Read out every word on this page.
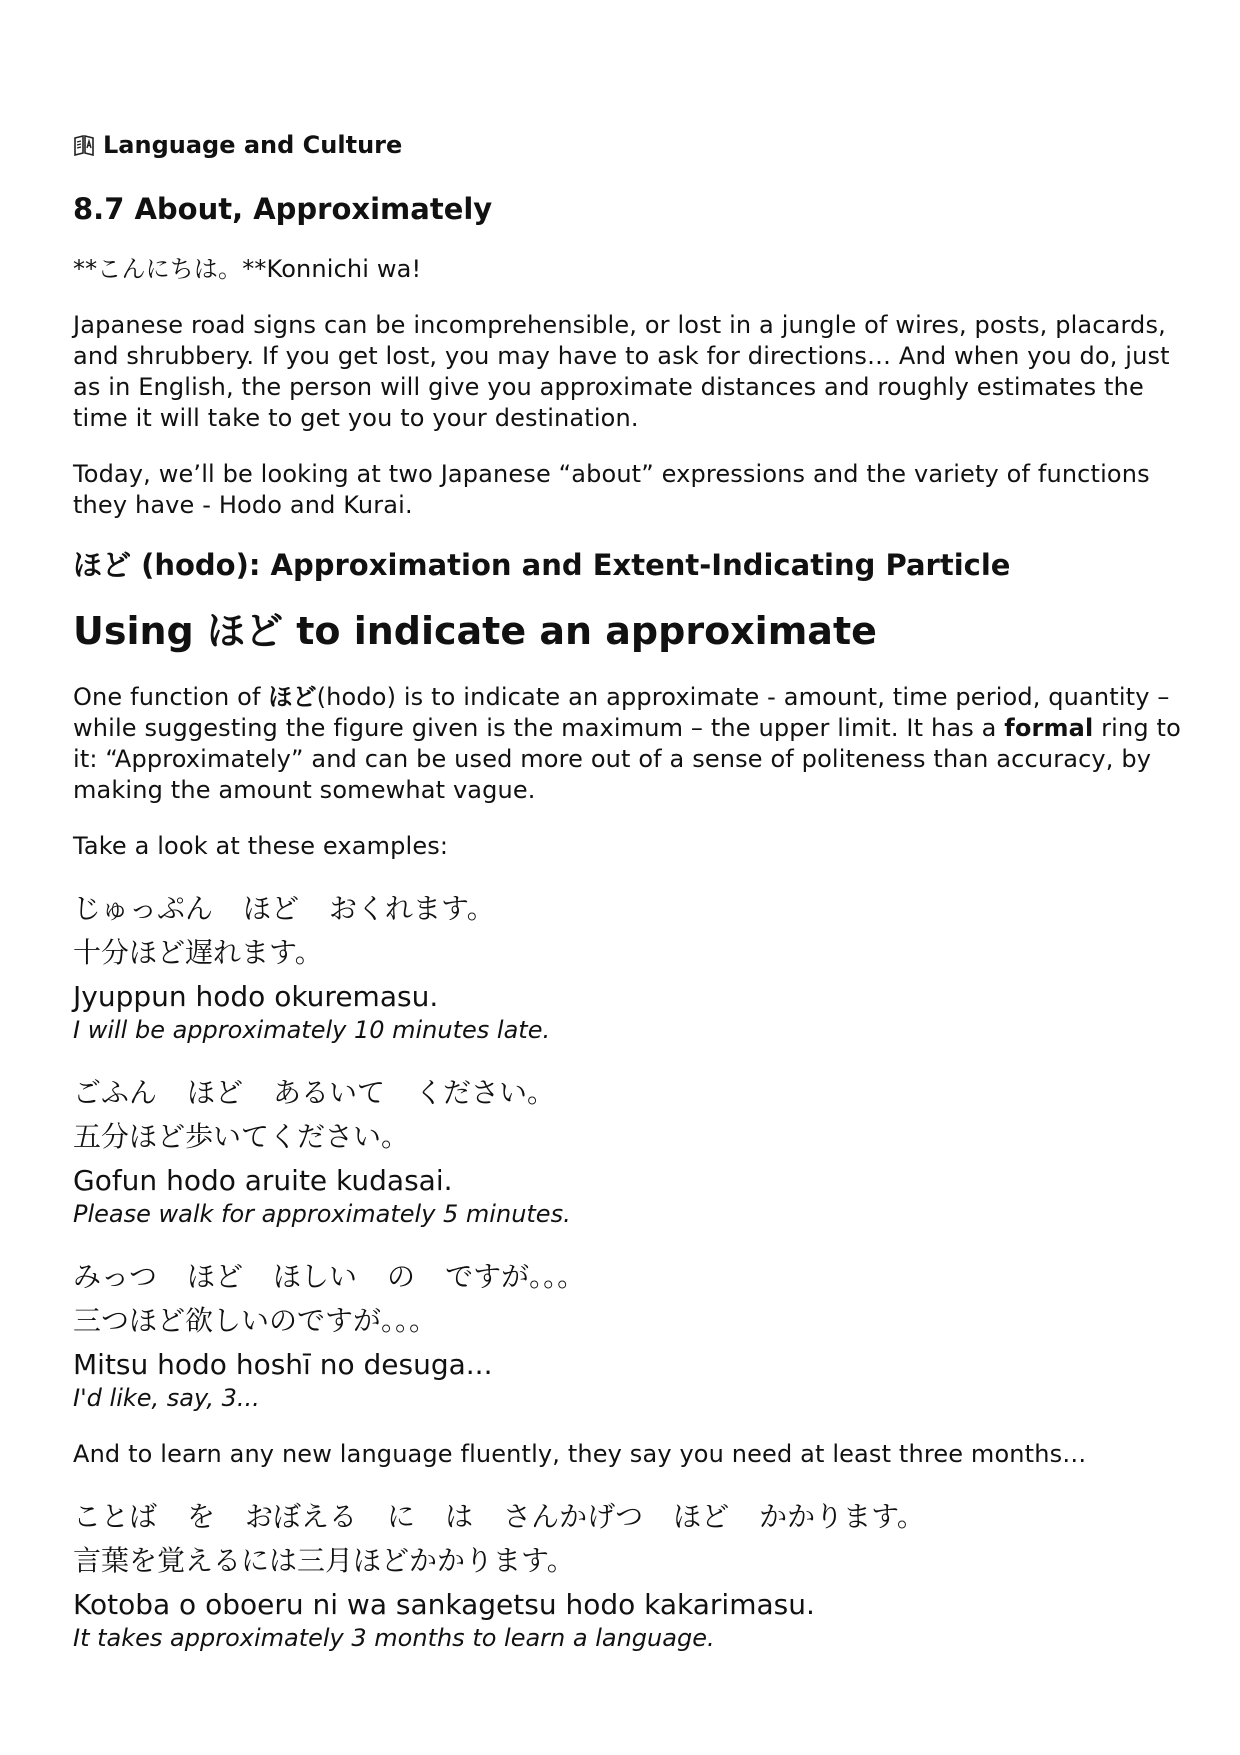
Language and Culture
8.7 About, Approximately

**こんにちは。**Konnichi wa!

Japanese road signs can be incomprehensible, or lost in a jungle of wires, posts, placards, and shrubbery. If you get lost, you may have to ask for directions… And when you do, just as in English, the person will give you approximate distances and roughly estimates the time it will take to get you to your destination.

Today, we’ll be looking at two Japanese “about” expressions and the variety of functions they have - Hodo and Kurai.

ほど (hodo): Approximation and Extent-Indicating Particle
Using ほど to indicate an approximate

One function of ほど(hodo) is to indicate an approximate - amount, time period, quantity – while suggesting the figure given is the maximum – the upper limit. It has a formal ring to it: “Approximately” and can be used more out of a sense of politeness than accuracy, by making the amount somewhat vague.

Take a look at these examples:

じゅっぷん ほど おくれます。
十分ほど遅れます。
Jyuppun hodo okuremasu.
I will be approximately 10 minutes late.
ごふん ほど あるいて ください。
五分ほど歩いてください。
Gofun hodo aruite kudasai.
Please walk for approximately 5 minutes.
みっつ ほど ほしい の ですが。。。
三つほど欲しいのですが。。。
Mitsu hodo hoshī no desuga...
I'd like, say, 3...

And to learn any new language fluently, they say you need at least three months…

ことば を おぼえる に は さんかげつ ほど かかります。
言葉を覚えるには三月ほどかかります。
Kotoba o oboeru ni wa sankagetsu hodo kakarimasu.
It takes approximately 3 months to learn a language.
